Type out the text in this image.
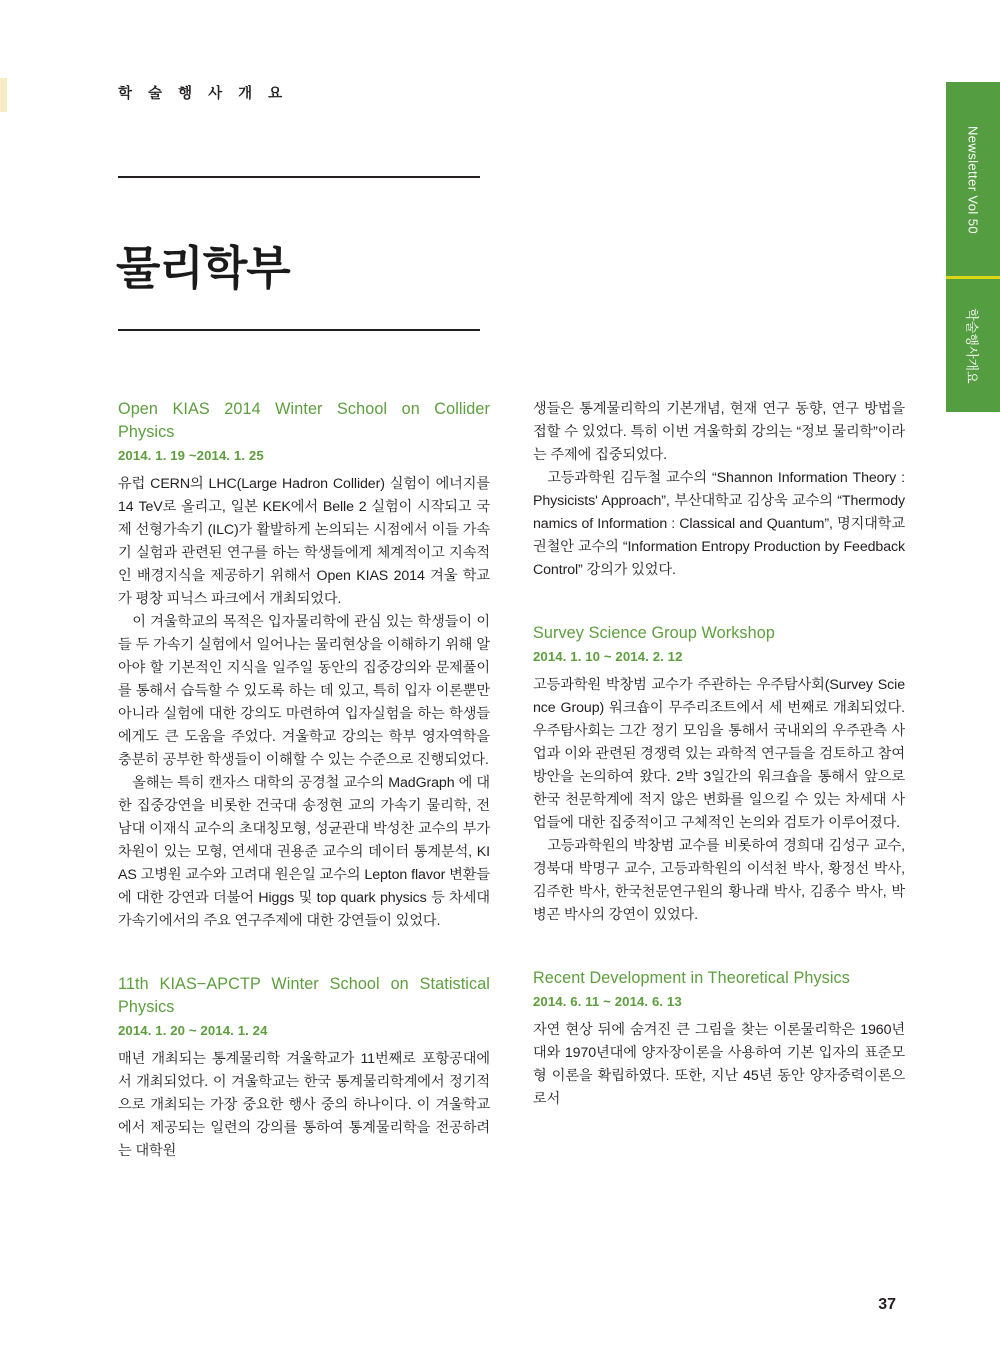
Newsletter Vol 50
학술행사개요
학 술 행 사 개 요
물리학부
Open KIAS 2014 Winter School on Collider Physics
2014. 1. 19 ~2014. 1. 25

유럽 CERN의 LHC(Large Hadron Collider) 실험이 에너지를 14 TeV로 올리고, 일본 KEK에서 Belle 2 실험이 시작되고 국제 선형가속기 (ILC)가 활발하게 논의되는 시점에서 이들 가속기 실험과 관련된 연구를 하는 학생들에게 체계적이고 지속적인 배경지식을 제공하기 위해서 Open KIAS 2014 겨울 학교가 평창 피닉스 파크에서 개최되었다.

이 겨울학교의 목적은 입자물리학에 관심 있는 학생들이 이들 두 가속기 실험에서 일어나는 물리현상을 이해하기 위해 알아야 할 기본적인 지식을 일주일 동안의 집중강의와 문제풀이를 통해서 습득할 수 있도록 하는 데 있고, 특히 입자 이론뿐만 아니라 실험에 대한 강의도 마련하여 입자실험을 하는 학생들에게도 큰 도움을 주었다. 겨울학교 강의는 학부 영자역학을 충분히 공부한 학생들이 이해할 수 있는 수준으로 진행되었다.

올해는 특히 캔자스 대학의 공경철 교수의 MadGraph 에 대한 집중강연을 비롯한 건국대 송정현 교의 가속기 물리학, 전남대 이재식 교수의 초대칭모형, 성균관대 박성찬 교수의 부가차원이 있는 모형, 연세대 권용준 교수의 데이터 통계분석, KIAS 고병원 교수와 고려대 원은일 교수의 Lepton flavor 변환들에 대한 강연과 더불어 Higgs 및 top quark physics 등 차세대 가속기에서의 주요 연구주제에 대한 강연들이 있었다.

11th KIAS−APCTP Winter School on Statistical Physics
2014. 1. 20 ~ 2014. 1. 24

매년 개최되는 통계물리학 겨울학교가 11번째로 포항공대에서 개최되었다. 이 겨울학교는 한국 통계물리학계에서 정기적으로 개최되는 가장 중요한 행사 중의 하나이다. 이 겨울학교에서 제공되는 일련의 강의를 통하여 통계물리학을 전공하려는 대학원

생들은 통계물리학의 기본개념, 현재 연구 동향, 연구 방법을 접할 수 있었다. 특히 이번 겨울학회 강의는 “정보 물리학”이라는 주제에 집중되었다.

고등과학원 김두철 교수의 “Shannon Information Theory : Physicists' Approach”, 부산대학교 김상욱 교수의 “Thermodynamics of Information : Classical and Quantum”, 명지대학교 권철안 교수의 “Information Entropy Production by Feedback Control” 강의가 있었다.

Survey Science Group Workshop
2014. 1. 10 ~ 2014. 2. 12

고등과학원 박창범 교수가 주관하는 우주탐사회(Survey Science Group) 워크숍이 무주리조트에서 세 번째로 개최되었다. 우주탐사회는 그간 정기 모임을 통해서 국내외의 우주관측 사업과 이와 관련된 경쟁력 있는 과학적 연구들을 검토하고 참여 방안을 논의하여 왔다. 2박 3일간의 워크숍을 통해서 앞으로 한국 천문학계에 적지 않은 변화를 일으킬 수 있는 차세대 사업들에 대한 집중적이고 구체적인 논의와 검토가 이루어졌다.

고등과학원의 박창범 교수를 비롯하여 경희대 김성구 교수, 경북대 박명구 교수, 고등과학원의 이석천 박사, 황정선 박사, 김주한 박사, 한국천문연구원의 황나래 박사, 김종수 박사, 박병곤 박사의 강연이 있었다.

Recent Development in Theoretical Physics
2014. 6. 11 ~ 2014. 6. 13

자연 현상 뒤에 숨겨진 큰 그림을 찾는 이론물리학은 1960년대와 1970년대에 양자장이론을 사용하여 기본 입자의 표준모형 이론을 확립하였다. 또한, 지난 45년 동안 양자중력이론으로서

37
